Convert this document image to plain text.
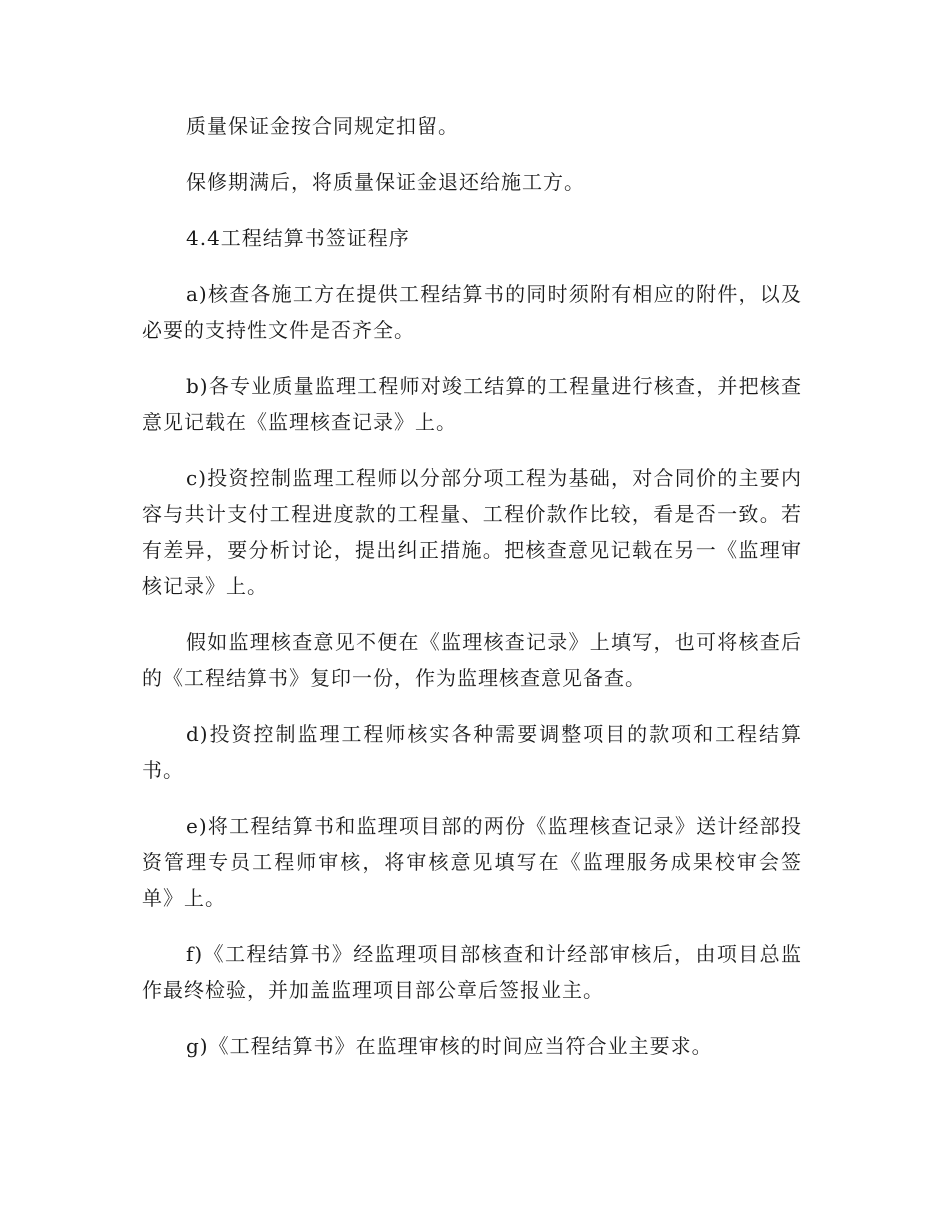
质量保证金按合同规定扣留。

保修期满后，将质量保证金退还给施工方。

4.4工程结算书签证程序

a)核查各施工方在提供工程结算书的同时须附有相应的附件，以及必要的支持性文件是否齐全。

b)各专业质量监理工程师对竣工结算的工程量进行核查，并把核查意见记载在《监理核查记录》上。

c)投资控制监理工程师以分部分项工程为基础，对合同价的主要内容与共计支付工程进度款的工程量、工程价款作比较，看是否一致。若有差异，要分析讨论，提出纠正措施。把核查意见记载在另一《监理审核记录》上。

假如监理核查意见不便在《监理核查记录》上填写，也可将核查后的《工程结算书》复印一份，作为监理核查意见备查。

d)投资控制监理工程师核实各种需要调整项目的款项和工程结算书。

e)将工程结算书和监理项目部的两份《监理核查记录》送计经部投资管理专员工程师审核，将审核意见填写在《监理服务成果校审会签单》上。

f)《工程结算书》经监理项目部核查和计经部审核后，由项目总监作最终检验，并加盖监理项目部公章后签报业主。

g)《工程结算书》在监理审核的时间应当符合业主要求。
